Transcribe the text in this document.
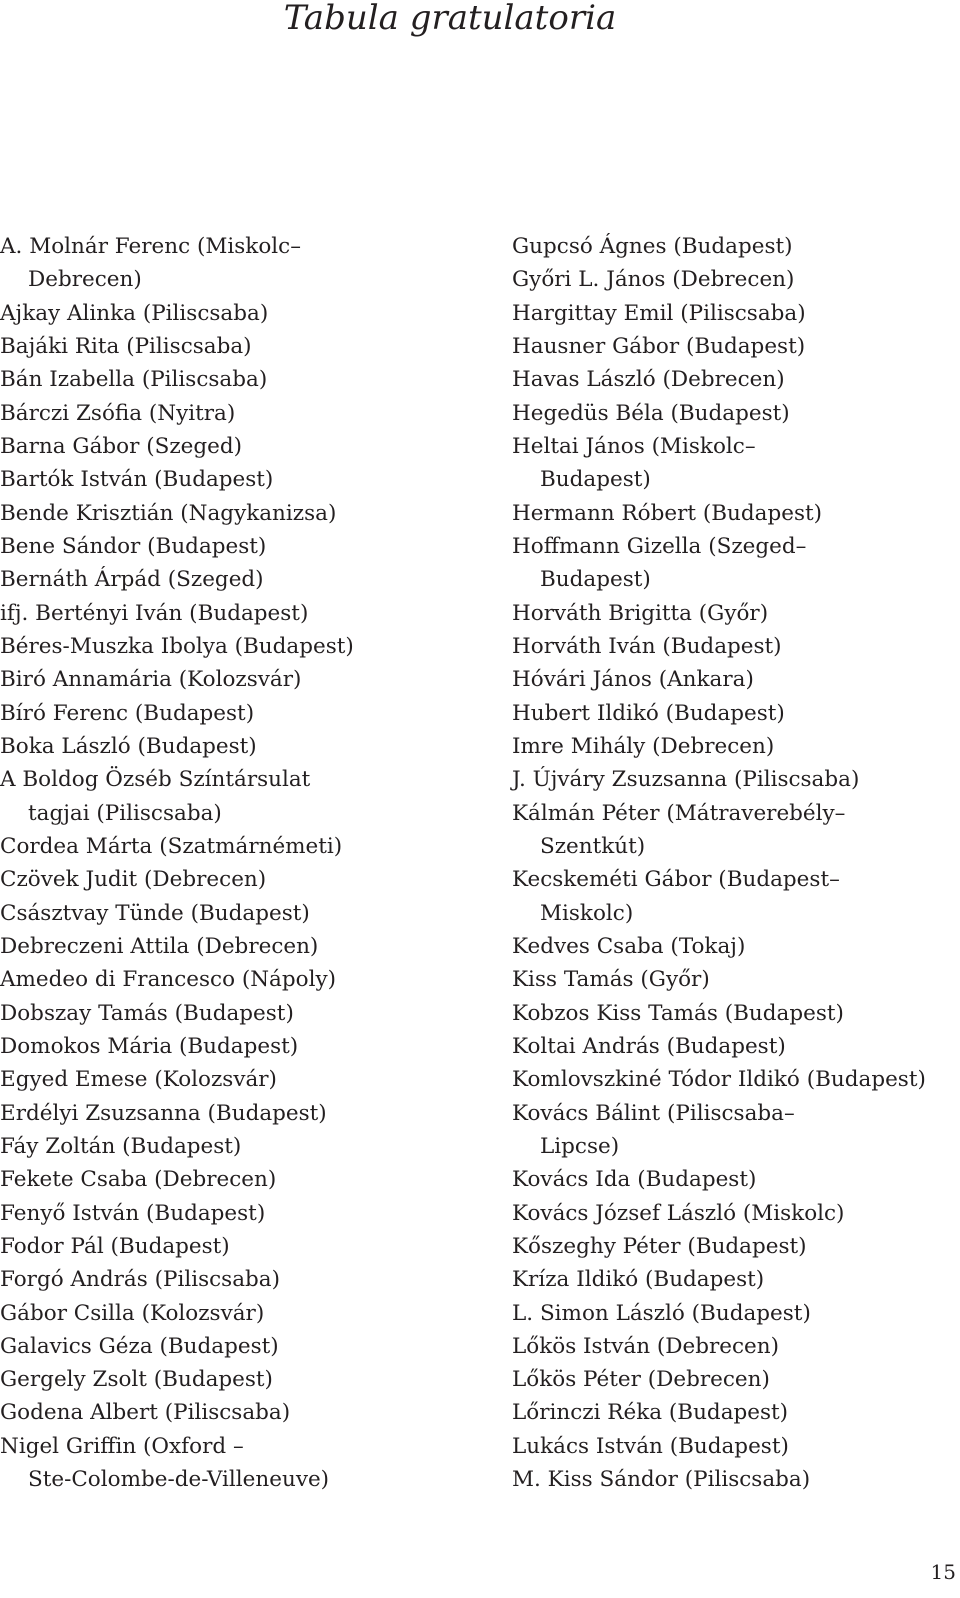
Tabula gratulatoria
A. Molnár Ferenc (Miskolc–
Debrecen)
Ajkay Alinka (Piliscsaba)
Bajáki Rita (Piliscsaba)
Bán Izabella (Piliscsaba)
Bárczi Zsófia (Nyitra)
Barna Gábor (Szeged)
Bartók István (Budapest)
Bende Krisztián (Nagykanizsa)
Bene Sándor (Budapest)
Bernáth Árpád (Szeged)
ifj. Bertényi Iván (Budapest)
Béres-Muszka Ibolya (Budapest)
Biró Annamária (Kolozsvár)
Bíró Ferenc (Budapest)
Boka László (Budapest)
A Boldog Özséb Színtársulat
tagjai (Piliscsaba)
Cordea Márta (Szatmárnémeti)
Czövek Judit (Debrecen)
Császtvay Tünde (Budapest)
Debreczeni Attila (Debrecen)
Amedeo di Francesco (Nápoly)
Dobszay Tamás (Budapest)
Domokos Mária (Budapest)
Egyed Emese (Kolozsvár)
Erdélyi Zsuzsanna (Budapest)
Fáy Zoltán (Budapest)
Fekete Csaba (Debrecen)
Fenyő István (Budapest)
Fodor Pál (Budapest)
Forgó András (Piliscsaba)
Gábor Csilla (Kolozsvár)
Galavics Géza (Budapest)
Gergely Zsolt (Budapest)
Godena Albert (Piliscsaba)
Nigel Griffin (Oxford –
Ste-Colombe-de-Villeneuve)
Gupcsó Ágnes (Budapest)
Győri L. János (Debrecen)
Hargittay Emil (Piliscsaba)
Hausner Gábor (Budapest)
Havas László (Debrecen)
Hegedüs Béla (Budapest)
Heltai János (Miskolc–
Budapest)
Hermann Róbert (Budapest)
Hoffmann Gizella (Szeged–
Budapest)
Horváth Brigitta (Győr)
Horváth Iván (Budapest)
Hóvári János (Ankara)
Hubert Ildikó (Budapest)
Imre Mihály (Debrecen)
J. Újváry Zsuzsanna (Piliscsaba)
Kálmán Péter (Mátraverebély–
Szentkút)
Kecskeméti Gábor (Budapest–
Miskolc)
Kedves Csaba (Tokaj)
Kiss Tamás (Győr)
Kobzos Kiss Tamás (Budapest)
Koltai András (Budapest)
Komlovszkiné Tódor Ildikó (Budapest)
Kovács Bálint (Piliscsaba–
Lipcse)
Kovács Ida (Budapest)
Kovács József László (Miskolc)
Kőszeghy Péter (Budapest)
Kríza Ildikó (Budapest)
L. Simon László (Budapest)
Lőkös István (Debrecen)
Lőkös Péter (Debrecen)
Lőrinczi Réka (Budapest)
Lukács István (Budapest)
M. Kiss Sándor (Piliscsaba)
15
